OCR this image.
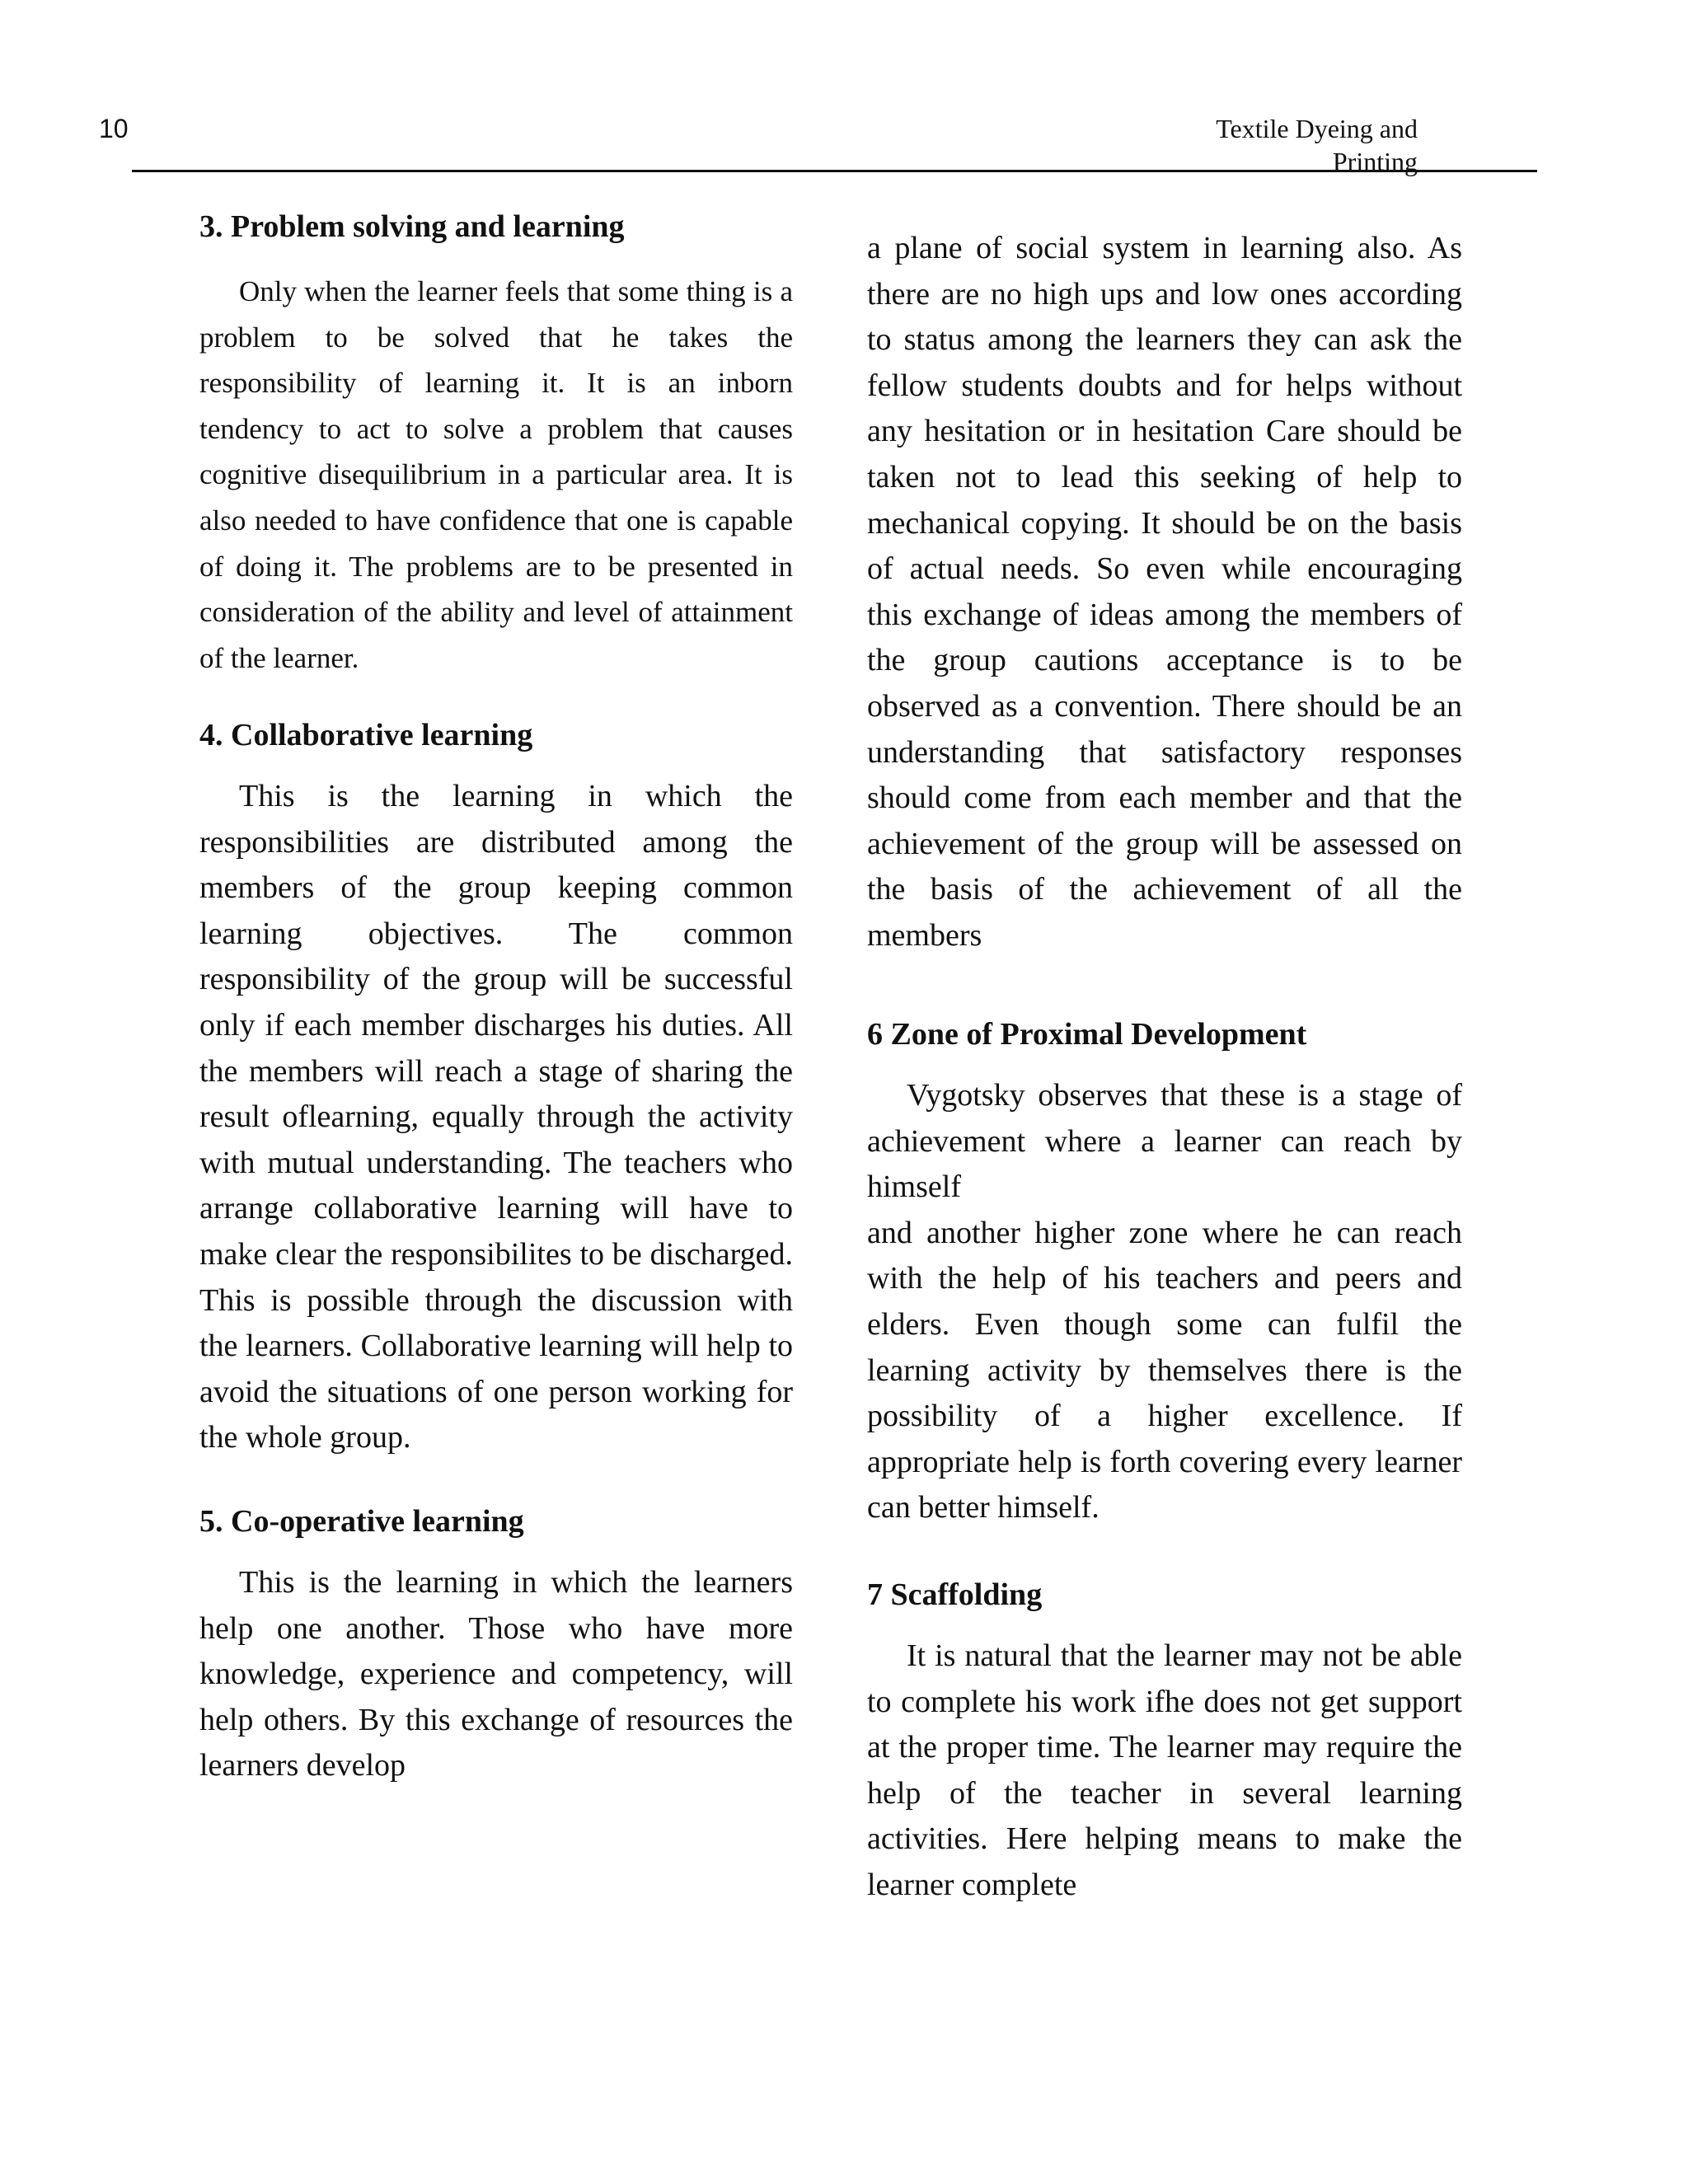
10	Textile Dyeing and Printing
3. Problem solving and learning

Only when the learner feels that some thing is a problem to be solved that he takes the responsibility of learning it. It is an inborn tendency to act to solve a problem that causes cognitive disequilibrium in a particular area. It is also needed to have confidence that one is capable of doing it. The problems are to be presented in consideration of the ability and level of attainment of the learner.

4. Collaborative learning

This is the learning in which the responsibilities are distributed among the members of the group keeping common learning objectives. The common responsibility of the group will be successful only if each member discharges his duties. All the members will reach a stage of sharing the result oflearning, equally through the activity with mutual understanding. The teachers who arrange collaborative learning will have to make clear the responsibilites to be discharged. This is possible through the discussion with the learners. Collaborative learning will help to avoid the situations of one person working for the whole group.

5. Co-operative learning

This is the learning in which the learners help one another. Those who have more knowledge, experience and competency, will help others. By this exchange of resources the learners develop

a plane of social system in learning also. As there are no high ups and low ones according to status among the learners they can ask the fellow students doubts and for helps without any hesitation or in hesitation Care should be taken not to lead this seeking of help to mechanical copying. It should be on the basis of actual needs. So even while encouraging this exchange of ideas among the members of the group cautions acceptance is to be observed as a convention. There should be an understanding that satisfactory responses should come from each member and that the achievement of the group will be assessed on the basis of the achievement of all the members

6 Zone of Proximal Development

Vygotsky observes that these is a stage of achievement where a learner can reach by himself

and another higher zone where he can reach with the help of his teachers and peers and elders. Even though some can fulfil the learning activity by themselves there is the possibility of a higher excellence. If appropriate help is forth covering every learner can better himself.

7 Scaffolding

It is natural that the learner may not be able to complete his work ifhe does not get support at the proper time. The learner may require the help of the teacher in several learning activities. Here helping means to make the learner complete
